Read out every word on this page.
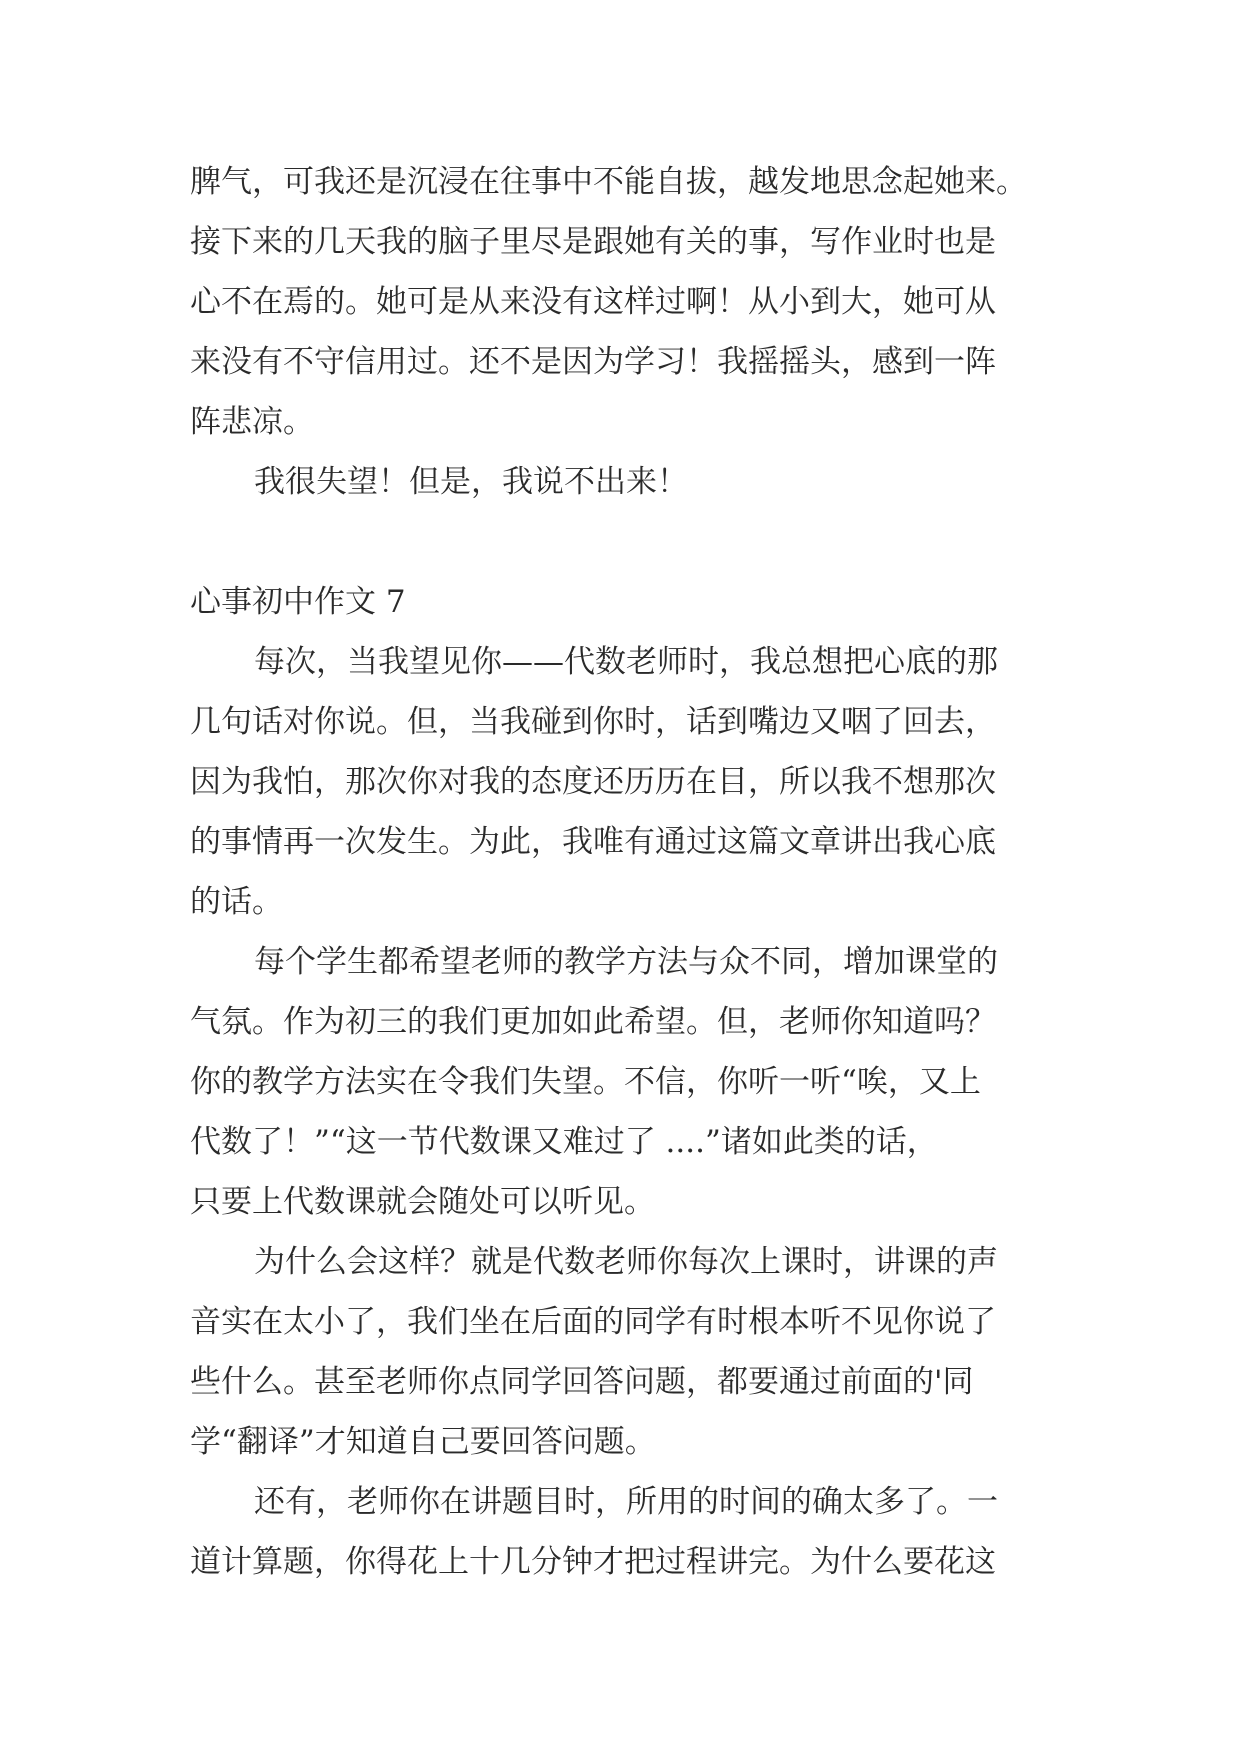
脾气，可我还是沉浸在往事中不能自拔，越发地思念起她来。
接下来的几天我的脑子里尽是跟她有关的事，写作业时也是
心不在焉的。她可是从来没有这样过啊！从小到大，她可从
来没有不守信用过。还不是因为学习！我摇摇头，感到一阵
阵悲凉。
我很失望！但是，我说不出来！
心事初中作文 7
每次，当我望见你——代数老师时，我总想把心底的那
几句话对你说。但，当我碰到你时，话到嘴边又咽了回去，
因为我怕，那次你对我的态度还历历在目，所以我不想那次
的事情再一次发生。为此，我唯有通过这篇文章讲出我心底
的话。
每个学生都希望老师的教学方法与众不同，增加课堂的
气氛。作为初三的我们更加如此希望。但，老师你知道吗？
你的教学方法实在令我们失望。不信，你听一听“唉，又上
代数了！”“这一节代数课又难过了 ....”诸如此类的话，
只要上代数课就会随处可以听见。
为什么会这样？就是代数老师你每次上课时，讲课的声
音实在太小了，我们坐在后面的同学有时根本听不见你说了
些什么。甚至老师你点同学回答问题，都要通过前面的'同
学“翻译”才知道自己要回答问题。
还有，老师你在讲题目时，所用的时间的确太多了。一
道计算题，你得花上十几分钟才把过程讲完。为什么要花这
